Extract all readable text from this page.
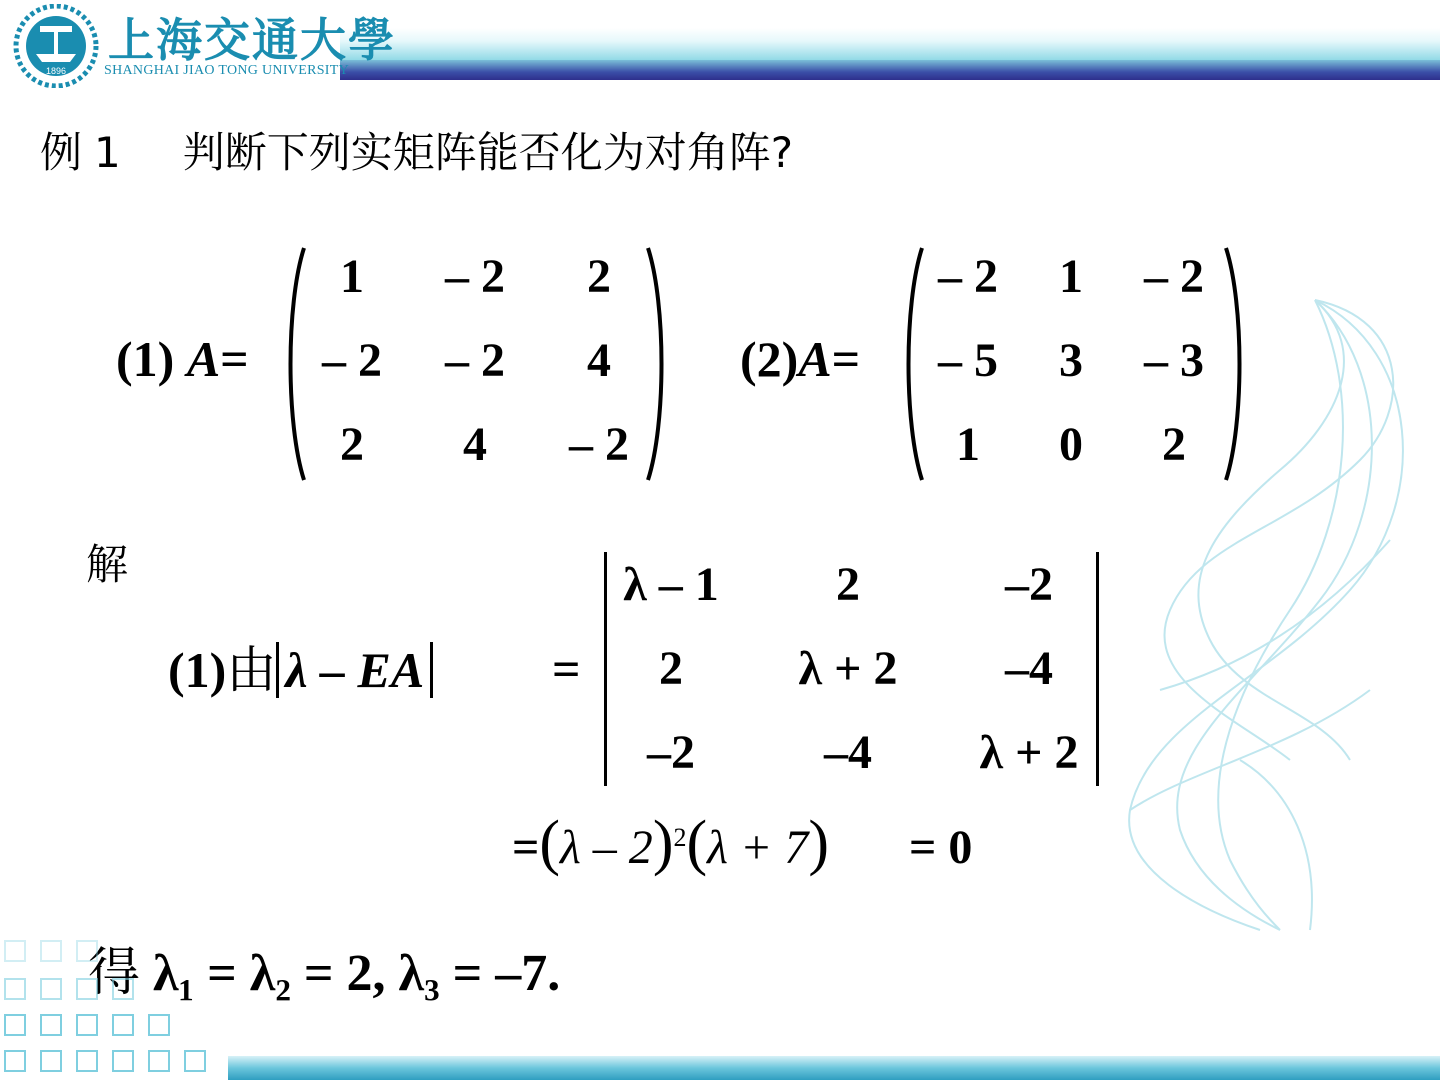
1896
上海交通大學
SHANGHAI JIAO TONG UNIVERSITY
例 1 判断下列实矩阵能否化为对角阵?
(1) A=
1	– 2	2
– 2	– 2	4
2	4	– 2
(2)A=
– 2	1	– 2
– 5	3	– 3
1	0	2
解
(1)由 λ – EA	=
λ – 1	2	–2
2	λ + 2	–4
–2	–4	λ + 2
=(λ – 2)$^2$(λ + 7) = 0
得 λ₁ = λ₂ = 2, λ₃ = –7.
